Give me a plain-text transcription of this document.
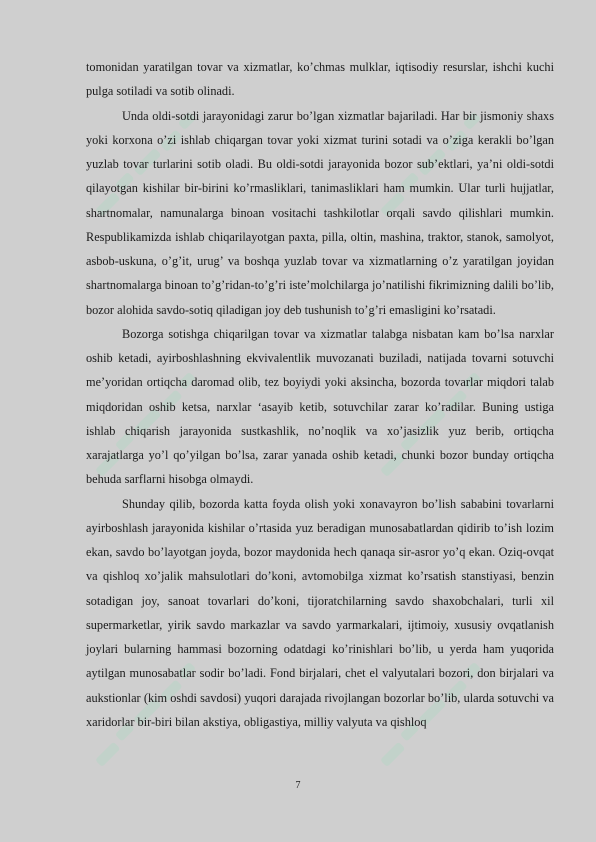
tomonidan yaratilgan tovar va xizmatlar, ko’chmas mulklar, iqtisodiy resurslar, ishchi kuchi pulga sotiladi va sotib olinadi.

Unda oldi-sotdi jarayonidagi zarur bo’lgan xizmatlar bajariladi. Har bir jismoniy shaxs yoki korxona o’zi ishlab chiqargan tovar yoki xizmat turini sotadi va o’ziga kerakli bo’lgan yuzlab tovar turlarini sotib oladi. Bu oldi-sotdi jarayonida bozor sub’ektlari, ya’ni oldi-sotdi qilayotgan kishilar bir-birini ko’rmasliklari, tanimasliklari ham mumkin. Ular turli hujjatlar, shartnomalar, namunalarga binoan vositachi tashkilotlar orqali savdo qilishlari mumkin. Respublikamizda ishlab chiqarilayotgan paxta, pilla, oltin, mashina, traktor, stanok, samolyot, asbob-uskuna, o’g’it, urug’ va boshqa yuzlab tovar va xizmatlarning o’z yaratilgan joyidan shartnomalarga binoan to’g’ridan-to’g’ri iste’molchilarga jo’natilishi fikrimizning dalili bo’lib, bozor alohida savdo-sotiq qiladigan joy deb tushunish to’g’ri emasligini ko’rsatadi.

Bozorga sotishga chiqarilgan tovar va xizmatlar talabga nisbatan kam bo’lsa narxlar oshib ketadi, ayirboshlashning ekvivalentlik muvozanati buziladi, natijada tovarni sotuvchi me’yoridan ortiqcha daromad olib, tez boyiydi yoki aksincha, bozorda tovarlar miqdori talab miqdoridan oshib ketsa, narxlar ‘asayib ketib, sotuvchilar zarar ko’radilar. Buning ustiga ishlab chiqarish jarayonida sustkashlik, no’noqlik va xo’jasizlik yuz berib, ortiqcha xarajatlarga yo’l qo’yilgan bo’lsa, zarar yanada oshib ketadi, chunki bozor bunday ortiqcha behuda sarflarni hisobga olmaydi.

Shunday qilib, bozorda katta foyda olish yoki xonavayron bo’lish sababini tovarlarni ayirboshlash jarayonida kishilar o’rtasida yuz beradigan munosabatlardan qidirib to’ish lozim ekan, savdo bo’layotgan joyda, bozor maydonida hech qanaqa sir-asror yo’q ekan. Oziq-ovqat va qishloq xo’jalik mahsulotlari do’koni, avtomobilga xizmat ko’rsatish stanstiyasi, benzin sotadigan joy, sanoat tovarlari do’koni, tijoratchilarning savdo shaxobchalari, turli xil supermarketlar, yirik savdo markazlar va savdo yarmarkalari, ijtimoiy, xususiy ovqatlanish joylari bularning hammasi bozorning odatdagi ko’rinishlari bo’lib, u yerda ham yuqorida aytilgan munosabatlar sodir bo’ladi. Fond birjalari, chet el valyutalari bozori, don birjalari va aukstionlar (kim oshdi savdosi) yuqori darajada rivojlangan bozorlar bo’lib, ularda sotuvchi va xaridorlar bir-biri bilan akstiya, obligastiya, milliy valyuta va qishloq

7
